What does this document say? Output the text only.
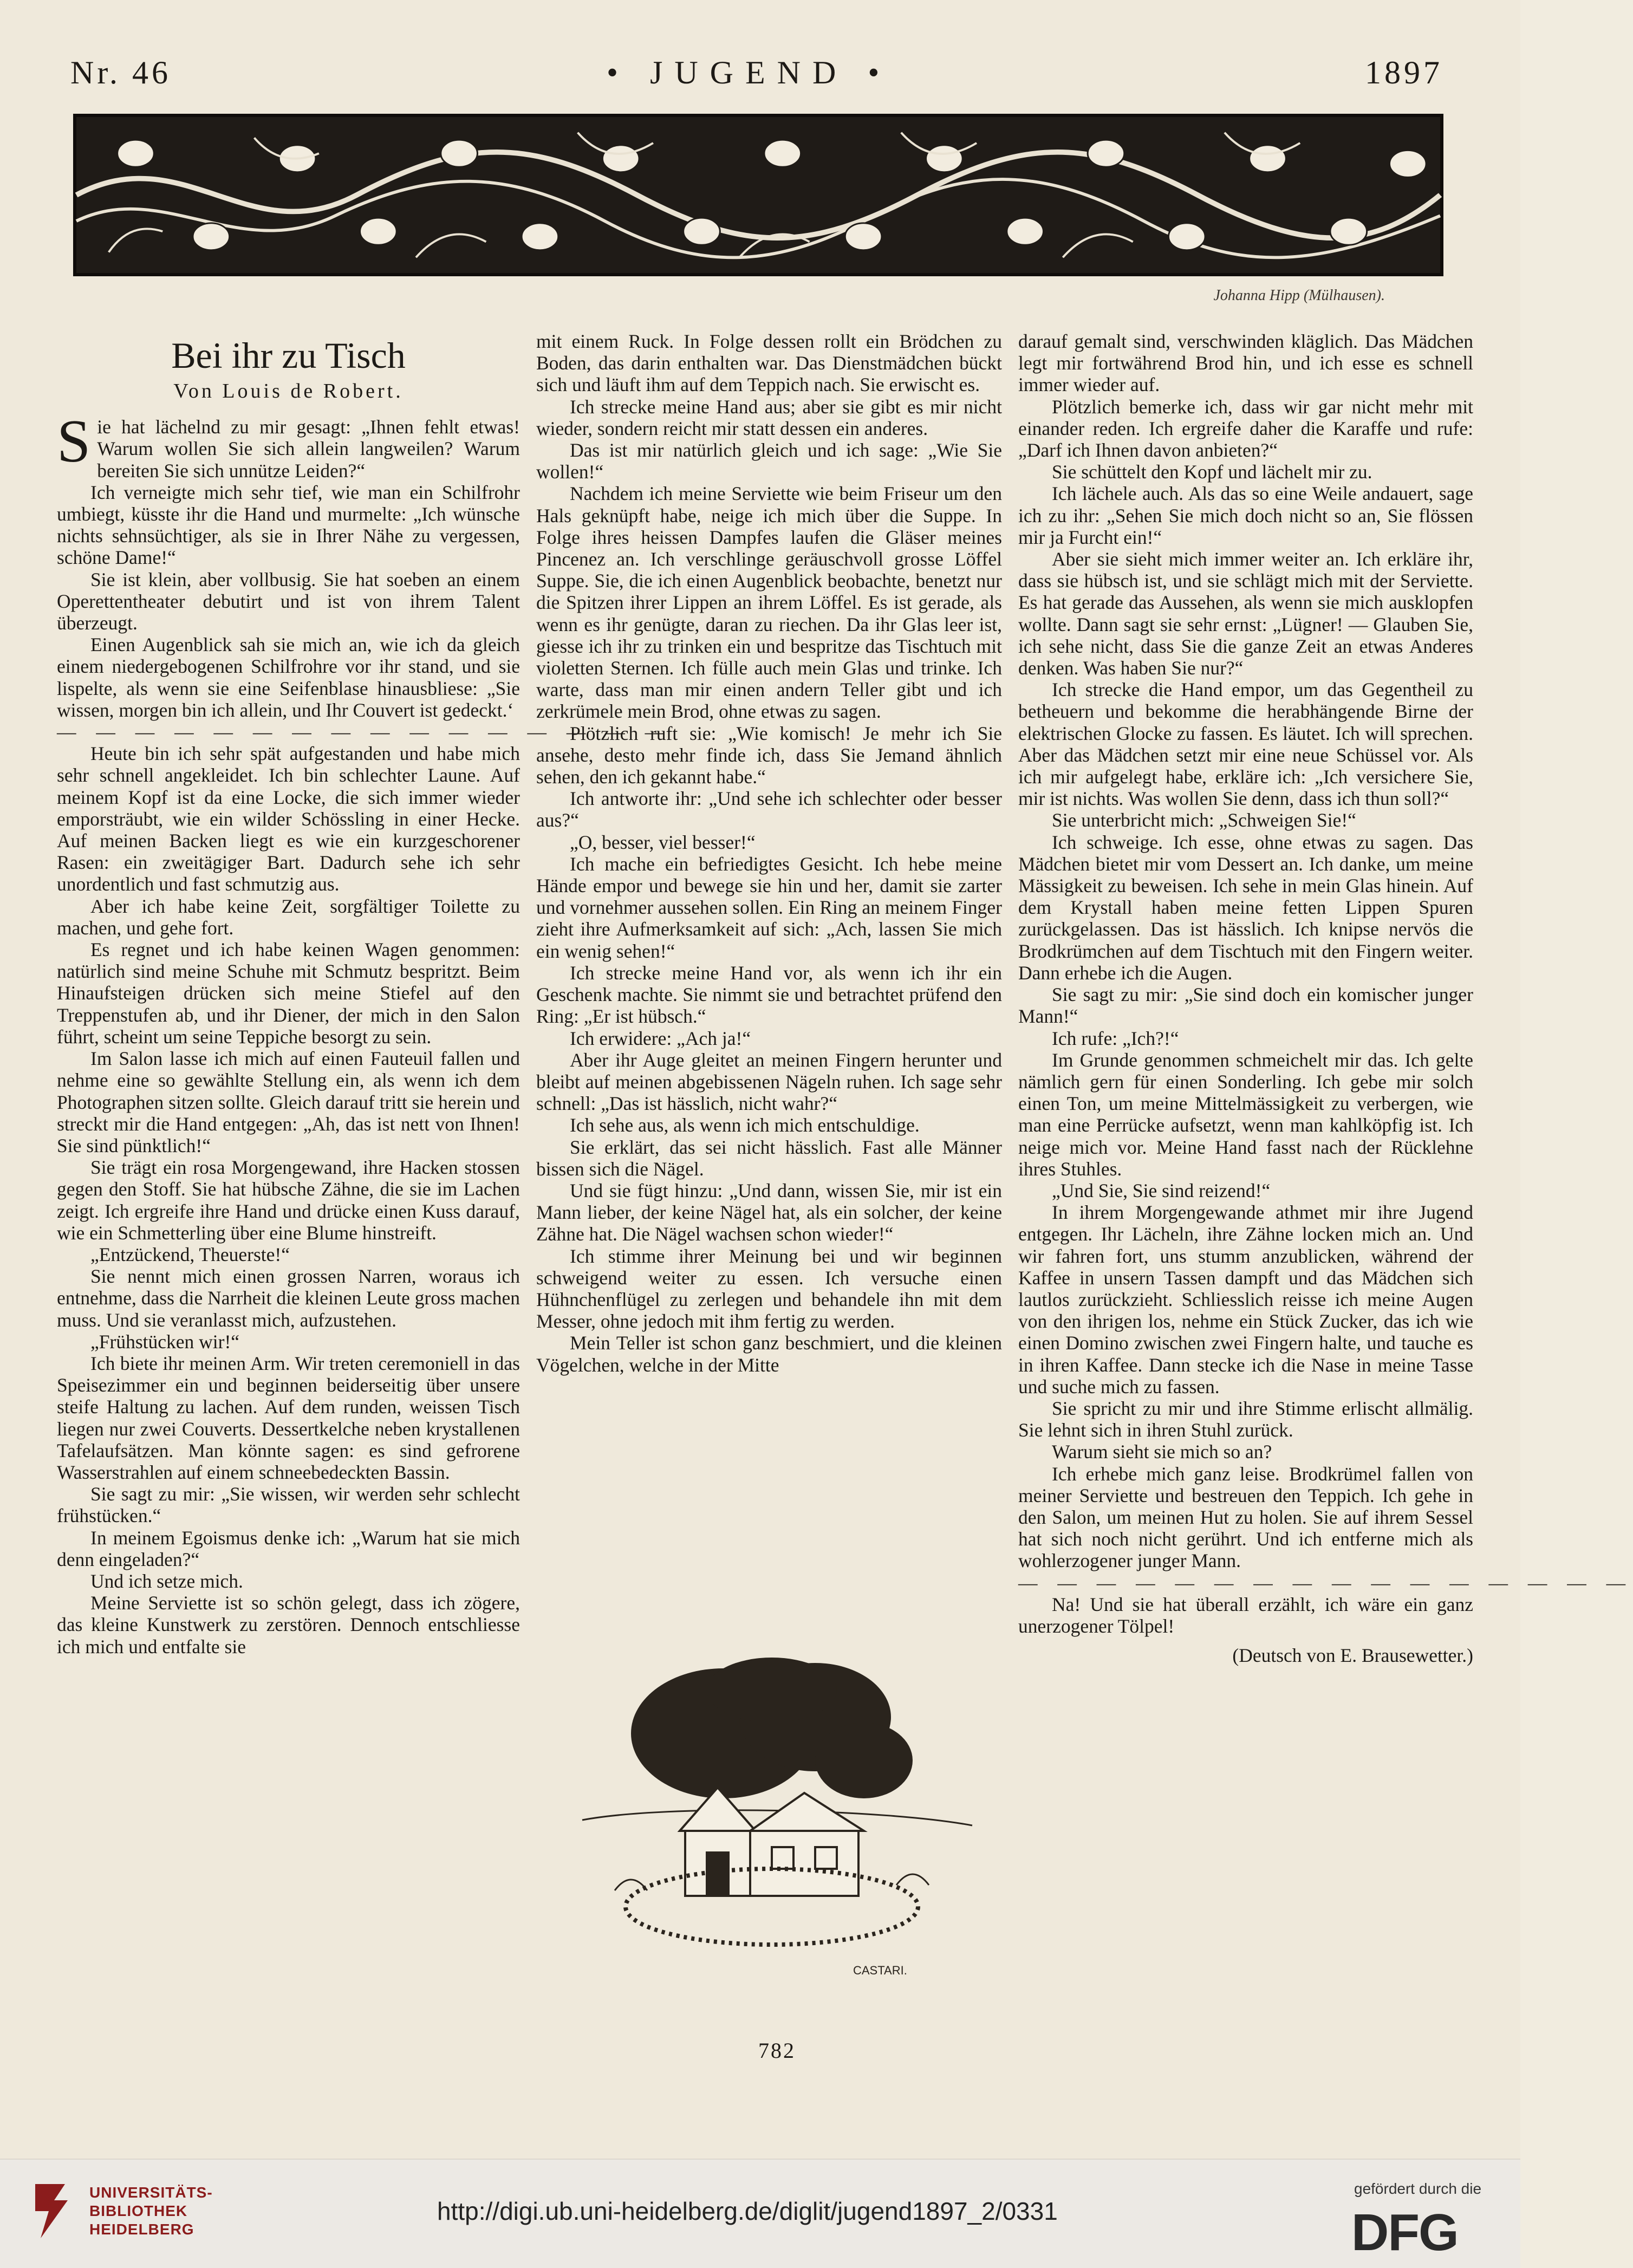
Nr. 46	• JUGEND •	1897
Johanna Hipp (Mülhausen).
Bei ihr zu Tisch
Von Louis de Robert.

Sie hat lächelnd zu mir gesagt: „Ihnen fehlt etwas! Warum wollen Sie sich allein langweilen? Warum bereiten Sie sich unnütze Leiden?“

Ich verneigte mich sehr tief, wie man ein Schilfrohr umbiegt, küsste ihr die Hand und murmelte: „Ich wünsche nichts sehnsüchtiger, als sie in Ihrer Nähe zu vergessen, schöne Dame!“

Sie ist klein, aber vollbusig. Sie hat soeben an einem Operettentheater debutirt und ist von ihrem Talent überzeugt.

Einen Augenblick sah sie mich an, wie ich da gleich einem niedergebogenen Schilfrohre vor ihr stand, und sie lispelte, als wenn sie eine Seifenblase hinausbliese: „Sie wissen, morgen bin ich allein, und Ihr Couvert ist gedeckt.‘

— — — — — — — — — — — — — — — —

Heute bin ich sehr spät aufgestanden und habe mich sehr schnell angekleidet. Ich bin schlechter Laune. Auf meinem Kopf ist da eine Locke, die sich immer wieder emporsträubt, wie ein wilder Schössling in einer Hecke. Auf meinen Backen liegt es wie ein kurzgeschorener Rasen: ein zweitägiger Bart. Dadurch sehe ich sehr unordentlich und fast schmutzig aus.

Aber ich habe keine Zeit, sorgfältiger Toilette zu machen, und gehe fort.

Es regnet und ich habe keinen Wagen genommen: natürlich sind meine Schuhe mit Schmutz bespritzt. Beim Hinaufsteigen drücken sich meine Stiefel auf den Treppenstufen ab, und ihr Diener, der mich in den Salon führt, scheint um seine Teppiche besorgt zu sein.

Im Salon lasse ich mich auf einen Fauteuil fallen und nehme eine so gewählte Stellung ein, als wenn ich dem Photographen sitzen sollte. Gleich darauf tritt sie herein und streckt mir die Hand entgegen: „Ah, das ist nett von Ihnen! Sie sind pünktlich!“

Sie trägt ein rosa Morgengewand, ihre Hacken stossen gegen den Stoff. Sie hat hübsche Zähne, die sie im Lachen zeigt. Ich ergreife ihre Hand und drücke einen Kuss darauf, wie ein Schmetterling über eine Blume hinstreift.

„Entzückend, Theuerste!“

Sie nennt mich einen grossen Narren, woraus ich entnehme, dass die Narrheit die kleinen Leute gross machen muss. Und sie veranlasst mich, aufzustehen.

„Frühstücken wir!“

Ich biete ihr meinen Arm. Wir treten ceremoniell in das Speisezimmer ein und beginnen beiderseitig über unsere steife Haltung zu lachen. Auf dem runden, weissen Tisch liegen nur zwei Couverts. Dessertkelche neben krystallenen Tafelaufsätzen. Man könnte sagen: es sind gefrorene Wasserstrahlen auf einem schneebedeckten Bassin.

Sie sagt zu mir: „Sie wissen, wir werden sehr schlecht frühstücken.“

In meinem Egoismus denke ich: „Warum hat sie mich denn eingeladen?“

Und ich setze mich.

Meine Serviette ist so schön gelegt, dass ich zögere, das kleine Kunstwerk zu zerstören. Dennoch entschliesse ich mich und entfalte sie

mit einem Ruck. In Folge dessen rollt ein Brödchen zu Boden, das darin enthalten war. Das Dienstmädchen bückt sich und läuft ihm auf dem Teppich nach. Sie erwischt es.

Ich strecke meine Hand aus; aber sie gibt es mir nicht wieder, sondern reicht mir statt dessen ein anderes.

Das ist mir natürlich gleich und ich sage: „Wie Sie wollen!“

Nachdem ich meine Serviette wie beim Friseur um den Hals geknüpft habe, neige ich mich über die Suppe. In Folge ihres heissen Dampfes laufen die Gläser meines Pincenez an. Ich verschlinge geräuschvoll grosse Löffel Suppe. Sie, die ich einen Augenblick beobachte, benetzt nur die Spitzen ihrer Lippen an ihrem Löffel. Es ist gerade, als wenn es ihr genügte, daran zu riechen. Da ihr Glas leer ist, giesse ich ihr zu trinken ein und bespritze das Tischtuch mit violetten Sternen. Ich fülle auch mein Glas und trinke. Ich warte, dass man mir einen andern Teller gibt und ich zerkrümele mein Brod, ohne etwas zu sagen.

Plötzlich ruft sie: „Wie komisch! Je mehr ich Sie ansehe, desto mehr finde ich, dass Sie Jemand ähnlich sehen, den ich gekannt habe.“

Ich antworte ihr: „Und sehe ich schlechter oder besser aus?“

„O, besser, viel besser!“

Ich mache ein befriedigtes Gesicht. Ich hebe meine Hände empor und bewege sie hin und her, damit sie zarter und vornehmer aussehen sollen. Ein Ring an meinem Finger zieht ihre Aufmerksamkeit auf sich: „Ach, lassen Sie mich ein wenig sehen!“

Ich strecke meine Hand vor, als wenn ich ihr ein Geschenk machte. Sie nimmt sie und betrachtet prüfend den Ring: „Er ist hübsch.“

Ich erwidere: „Ach ja!“

Aber ihr Auge gleitet an meinen Fingern herunter und bleibt auf meinen abgebissenen Nägeln ruhen. Ich sage sehr schnell: „Das ist hässlich, nicht wahr?“

Ich sehe aus, als wenn ich mich entschuldige.

Sie erklärt, das sei nicht hässlich. Fast alle Männer bissen sich die Nägel.

Und sie fügt hinzu: „Und dann, wissen Sie, mir ist ein Mann lieber, der keine Nägel hat, als ein solcher, der keine Zähne hat. Die Nägel wachsen schon wieder!“

Ich stimme ihrer Meinung bei und wir beginnen schweigend weiter zu essen. Ich versuche einen Hühnchenflügel zu zerlegen und behandele ihn mit dem Messer, ohne jedoch mit ihm fertig zu werden.

Mein Teller ist schon ganz beschmiert, und die kleinen Vögelchen, welche in der Mitte

CASTARI.

darauf gemalt sind, verschwinden kläglich. Das Mädchen legt mir fortwährend Brod hin, und ich esse es schnell immer wieder auf.

Plötzlich bemerke ich, dass wir gar nicht mehr mit einander reden. Ich ergreife daher die Karaffe und rufe: „Darf ich Ihnen davon anbieten?“

Sie schüttelt den Kopf und lächelt mir zu.

Ich lächele auch. Als das so eine Weile andauert, sage ich zu ihr: „Sehen Sie mich doch nicht so an, Sie flössen mir ja Furcht ein!“

Aber sie sieht mich immer weiter an. Ich erkläre ihr, dass sie hübsch ist, und sie schlägt mich mit der Serviette. Es hat gerade das Aussehen, als wenn sie mich ausklopfen wollte. Dann sagt sie sehr ernst: „Lügner! — Glauben Sie, ich sehe nicht, dass Sie die ganze Zeit an etwas Anderes denken. Was haben Sie nur?“

Ich strecke die Hand empor, um das Gegentheil zu betheuern und bekomme die herabhängende Birne der elektrischen Glocke zu fassen. Es läutet. Ich will sprechen. Aber das Mädchen setzt mir eine neue Schüssel vor. Als ich mir aufgelegt habe, erkläre ich: „Ich versichere Sie, mir ist nichts. Was wollen Sie denn, dass ich thun soll?“

Sie unterbricht mich: „Schweigen Sie!“

Ich schweige. Ich esse, ohne etwas zu sagen. Das Mädchen bietet mir vom Dessert an. Ich danke, um meine Mässigkeit zu beweisen. Ich sehe in mein Glas hinein. Auf dem Krystall haben meine fetten Lippen Spuren zurückgelassen. Das ist hässlich. Ich knipse nervös die Brodkrümchen auf dem Tischtuch mit den Fingern weiter. Dann erhebe ich die Augen.

Sie sagt zu mir: „Sie sind doch ein komischer junger Mann!“

Ich rufe: „Ich?!“

Im Grunde genommen schmeichelt mir das. Ich gelte nämlich gern für einen Sonderling. Ich gebe mir solch einen Ton, um meine Mittelmässigkeit zu verbergen, wie man eine Perrücke aufsetzt, wenn man kahlköpfig ist. Ich neige mich vor. Meine Hand fasst nach der Rücklehne ihres Stuhles.

„Und Sie, Sie sind reizend!“

In ihrem Morgengewande athmet mir ihre Jugend entgegen. Ihr Lächeln, ihre Zähne locken mich an. Und wir fahren fort, uns stumm anzublicken, während der Kaffee in unsern Tassen dampft und das Mädchen sich lautlos zurückzieht. Schliesslich reisse ich meine Augen von den ihrigen los, nehme ein Stück Zucker, das ich wie einen Domino zwischen zwei Fingern halte, und tauche es in ihren Kaffee. Dann stecke ich die Nase in meine Tasse und suche mich zu fassen.

Sie spricht zu mir und ihre Stimme erlischt allmälig. Sie lehnt sich in ihren Stuhl zurück.

Warum sieht sie mich so an?

Ich erhebe mich ganz leise. Brodkrümel fallen von meiner Serviette und bestreuen den Teppich. Ich gehe in den Salon, um meinen Hut zu holen. Sie auf ihrem Sessel hat sich noch nicht gerührt. Und ich entferne mich als wohlerzogener junger Mann.

— — — — — — — — — — — — — — — —

Na! Und sie hat überall erzählt, ich wäre ein ganz unerzogener Tölpel!

(Deutsch von E. Brausewetter.)
782
UNIVERSITÄTS-
BIBLIOTHEK
HEIDELBERG
http://digi.ub.uni-heidelberg.de/diglit/jugend1897_2/0331
gefördert durch die
DFG
